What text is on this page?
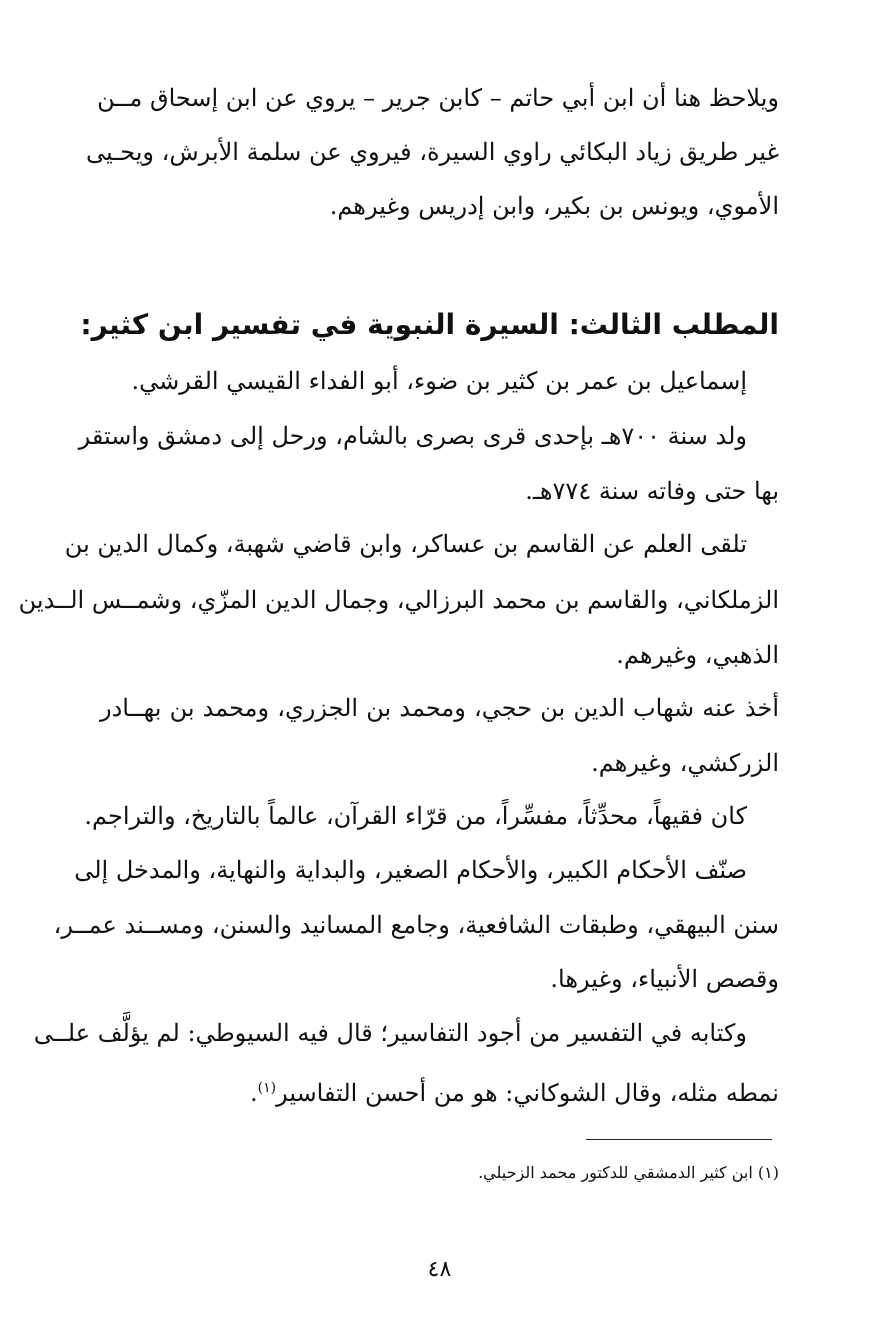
ويلاحظ هنا أن ابن أبي حاتم – كابن جرير – يروي عن ابن إسحاق مــن
غير طريق زياد البكائي راوي السيرة، فيروي عن سلمة الأبرش، ويحـيى
الأموي، ويونس بن بكير، وابن إدريس وغيرهم.
المطلب الثالث: السيرة النبوية في تفسير ابن كثير:
إسماعيل بن عمر بن كثير بن ضوء، أبو الفداء القيسي القرشي.
ولد سنة ٧٠٠هـ بإحدى قرى بصرى بالشام، ورحل إلى دمشق واستقر
بها حتى وفاته سنة ٧٧٤هـ.
تلقى العلم عن القاسم بن عساكر، وابن قاضي شهبة، وكمال الدين بن
الزملكاني، والقاسم بن محمد البرزالي، وجمال الدين المزّي، وشمــس الــدين
الذهبي، وغيرهم.
أخذ عنه شهاب الدين بن حجي، ومحمد بن الجزري، ومحمد بن بهــادر
الزركشي، وغيرهم.
كان فقيهاً، محدِّثاً، مفسِّراً، من قرّاء القرآن، عالماً بالتاريخ، والتراجم.
صنّف الأحكام الكبير، والأحكام الصغير، والبداية والنهاية، والمدخل إلى
سنن البيهقي، وطبقات الشافعية، وجامع المسانيد والسنن، ومســند عمــر،
وقصص الأنبياء، وغيرها.
وكتابه في التفسير من أجود التفاسير؛ قال فيه السيوطي: لم يؤلَّف علــى
نمطه مثله، وقال الشوكاني: هو من أحسن التفاسير$^{(١)}$.
(١) ابن كثير الدمشقي للدكتور محمد الزحيلي.
٤٨
